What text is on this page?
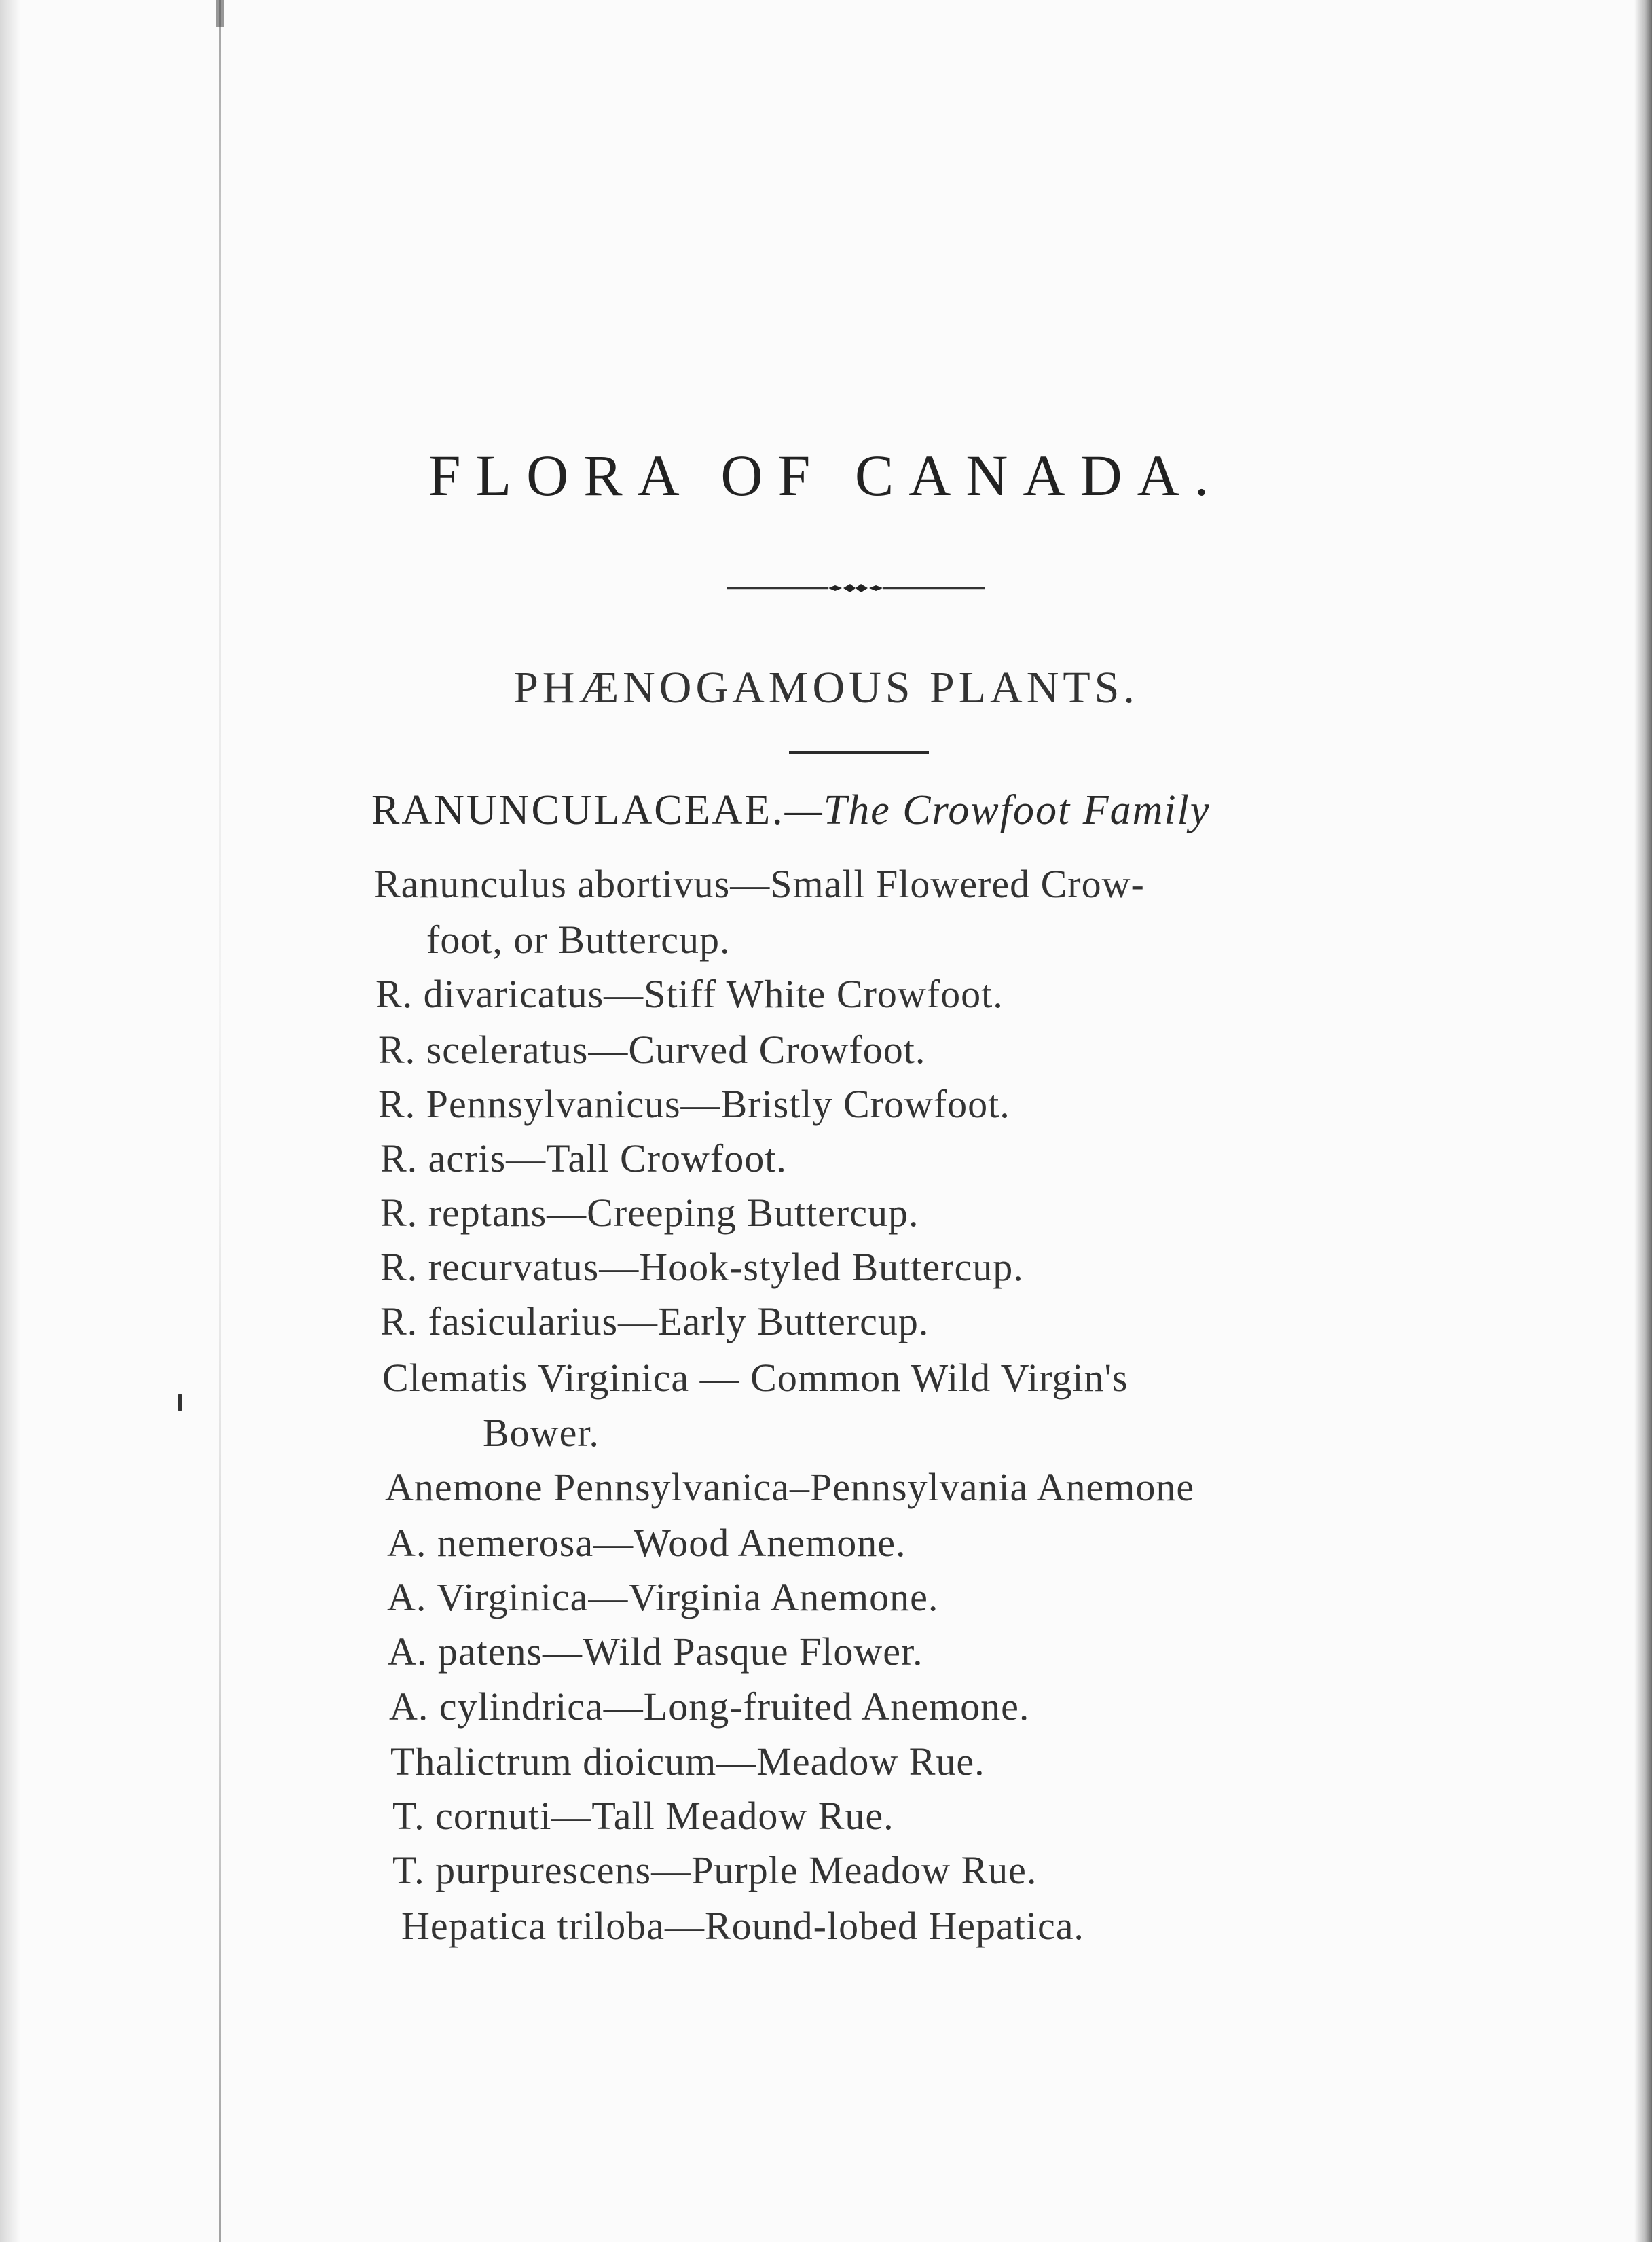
FLORA OF CANADA.
PHÆNOGAMOUS PLANTS.
RANUNCULACEAE.—The Crowfoot Family
Ranunculus abortivus—Small Flowered Crow-
foot, or Buttercup.
R. divaricatus—Stiff White Crowfoot.
R. sceleratus—Curved Crowfoot.
R. Pennsylvanicus—Bristly Crowfoot.
R. acris—Tall Crowfoot.
R. reptans—Creeping Buttercup.
R. recurvatus—Hook-styled Buttercup.
R. fasicularius—Early Buttercup.
Clematis Virginica — Common Wild Virgin's
Bower.
Anemone Pennsylvanica–Pennsylvania Anemone
A. nemerosa—Wood Anemone.
A. Virginica—Virginia Anemone.
A. patens—Wild Pasque Flower.
A. cylindrica—Long-fruited Anemone.
Thalictrum dioicum—Meadow Rue.
T. cornuti—Tall Meadow Rue.
T. purpurescens—Purple Meadow Rue.
Hepatica triloba—Round-lobed Hepatica.
